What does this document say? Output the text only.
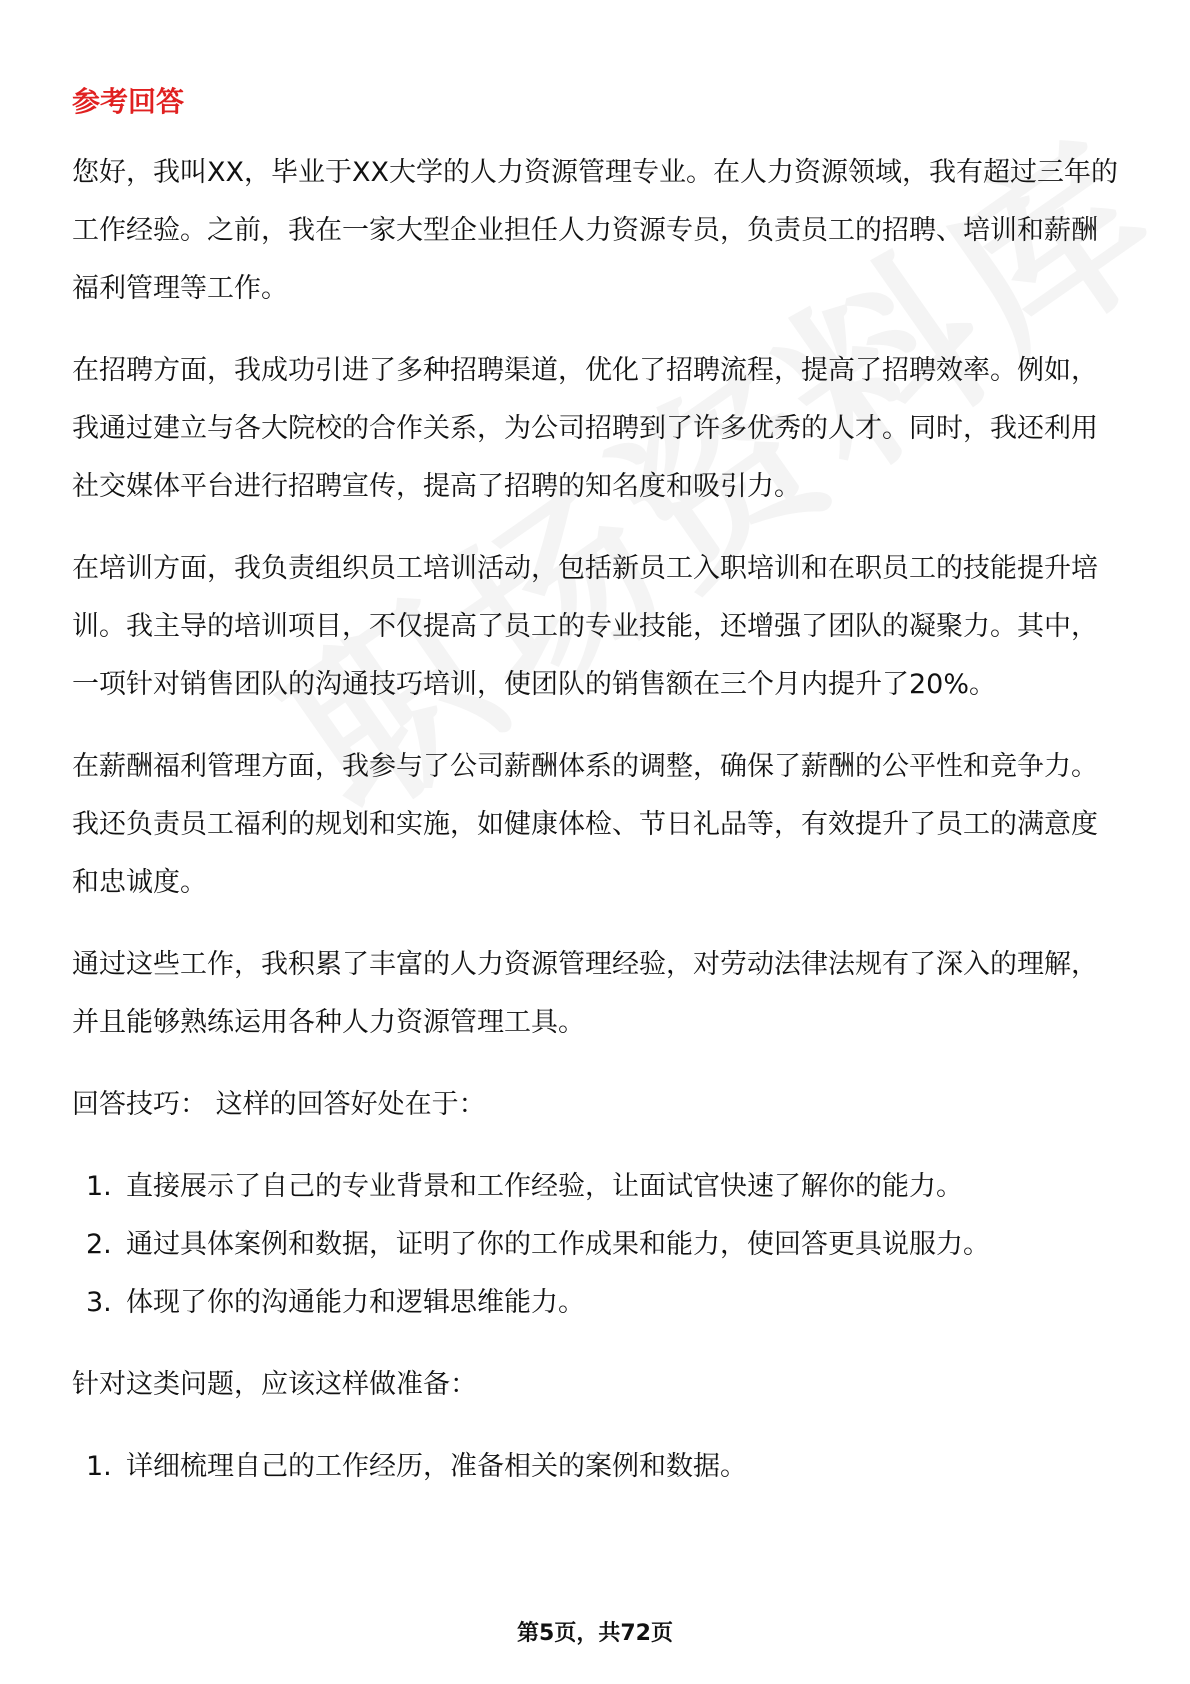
参考回答

您好，我叫XX，毕业于XX大学的人力资源管理专业。在人力资源领域，我有超过三年的工作经验。之前，我在一家大型企业担任人力资源专员，负责员工的招聘、培训和薪酬福利管理等工作。

在招聘方面，我成功引进了多种招聘渠道，优化了招聘流程，提高了招聘效率。例如，我通过建立与各大院校的合作关系，为公司招聘到了许多优秀的人才。同时，我还利用社交媒体平台进行招聘宣传，提高了招聘的知名度和吸引力。

在培训方面，我负责组织员工培训活动，包括新员工入职培训和在职员工的技能提升培训。我主导的培训项目，不仅提高了员工的专业技能，还增强了团队的凝聚力。其中，一项针对销售团队的沟通技巧培训，使团队的销售额在三个月内提升了20%。

在薪酬福利管理方面，我参与了公司薪酬体系的调整，确保了薪酬的公平性和竞争力。我还负责员工福利的规划和实施，如健康体检、节日礼品等，有效提升了员工的满意度和忠诚度。

通过这些工作，我积累了丰富的人力资源管理经验，对劳动法律法规有了深入的理解，并且能够熟练运用各种人力资源管理工具。

回答技巧： 这样的回答好处在于：
1. 直接展示了自己的专业背景和工作经验，让面试官快速了解你的能力。
2. 通过具体案例和数据，证明了你的工作成果和能力，使回答更具说服力。
3. 体现了你的沟通能力和逻辑思维能力。
针对这类问题，应该这样做准备：
1. 详细梳理自己的工作经历，准备相关的案例和数据。
第5页，共72页
